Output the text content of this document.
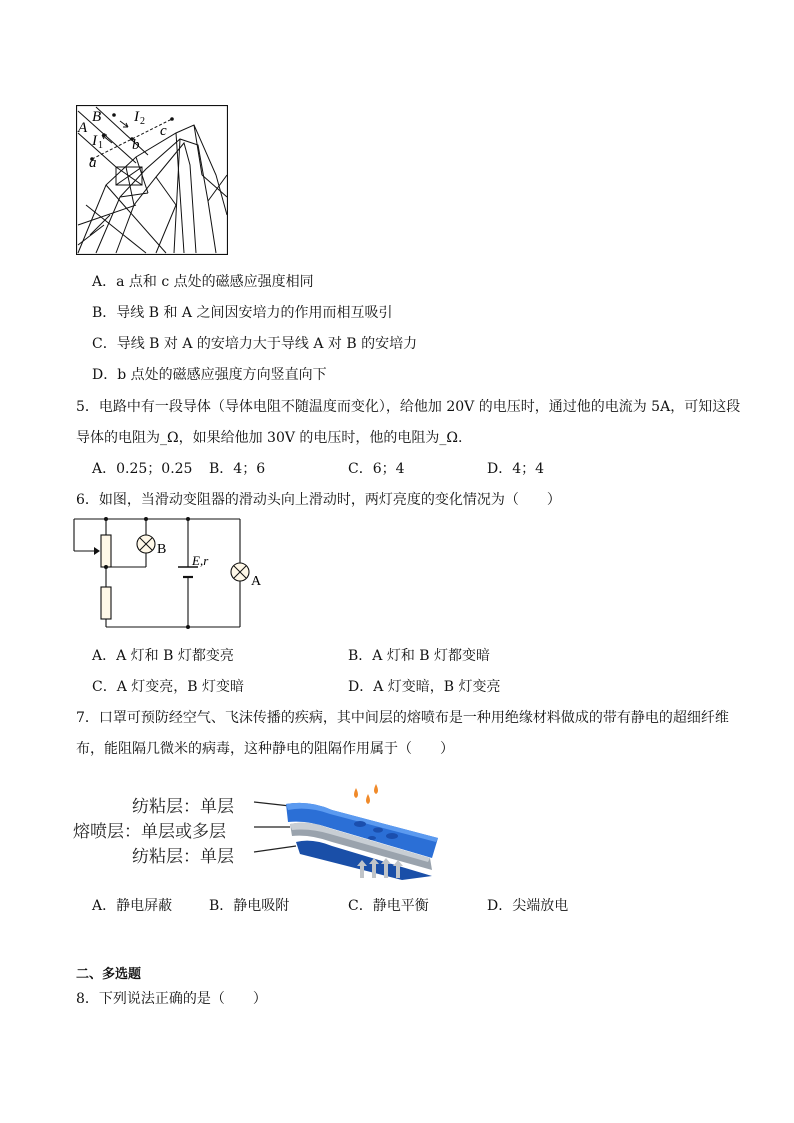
B
A
I 2
c
I 1 b
a
A．a 点和 c 点处的磁感应强度相同
B．导线 B 和 A 之间因安培力的作用而相互吸引
C．导线 B 对 A 的安培力大于导线 A 对 B 的安培力
D．b 点处的磁感应强度方向竖直向下
5．电路中有一段导体（导体电阻不随温度而变化），给他加 20V 的电压时，通过他的电流为 5A，可知这段
导体的电阻为_Ω，如果给他加 30V 的电压时，他的电阻为_Ω.
A．0.25；0.25 B．4；6	C．6；4	D．4；4
6．如图，当滑动变阻器的滑动头向上滑动时，两灯亮度的变化情况为（　　）
B
E,r
A
A．A 灯和 B 灯都变亮	B．A 灯和 B 灯都变暗
C．A 灯变亮，B 灯变暗	D．A 灯变暗，B 灯变亮
7．口罩可预防经空气、飞沫传播的疾病，其中间层的熔喷布是一种用绝缘材料做成的带有静电的超细纤维
布，能阻隔几微米的病毒，这种静电的阻隔作用属于（　　）
纺粘层：单层
熔喷层：单层或多层
纺粘层：单层
A．静电屏蔽	B．静电吸附	C．静电平衡	D．尖端放电
二、多选题
8．下列说法正确的是（　　）
